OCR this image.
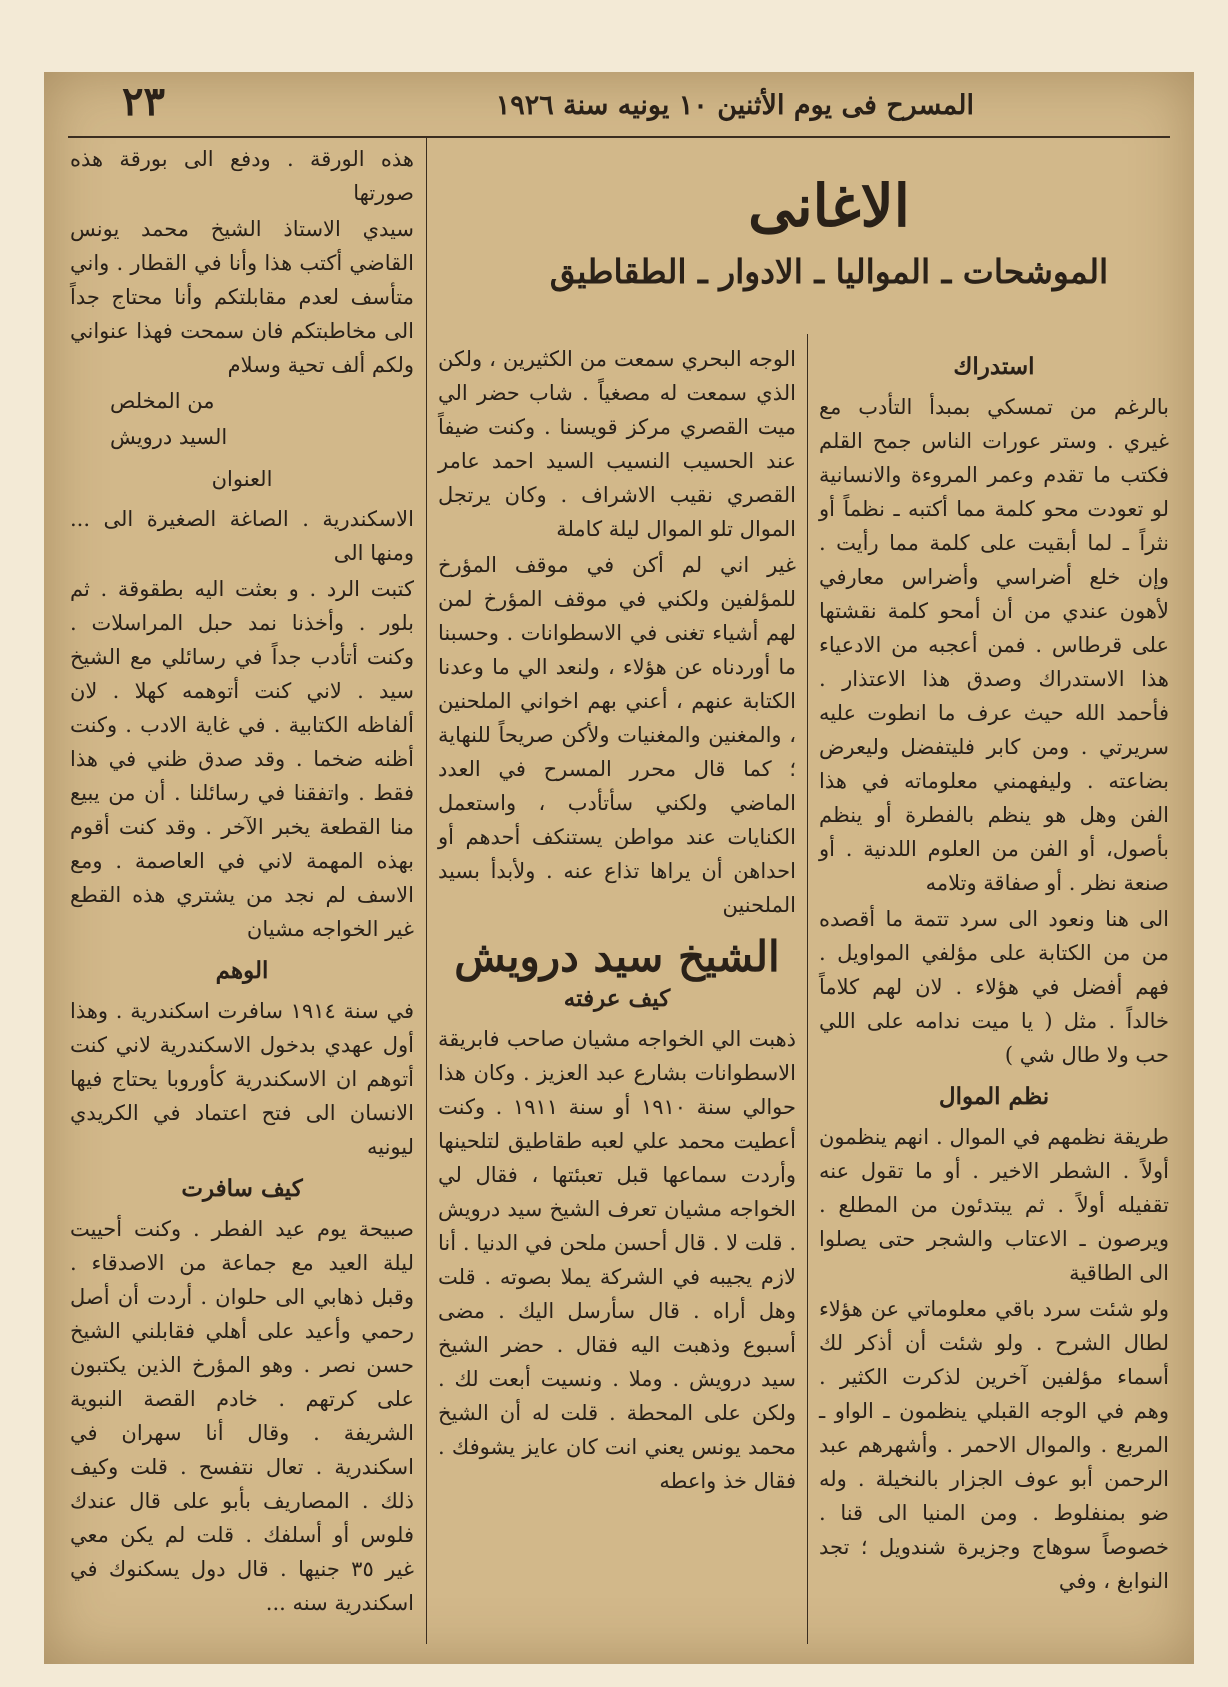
المسرح فى يوم الأثنين ١٠ يونيه سنة ١٩٢٦
٢٣
الاغانى
الموشحات ـ المواليا ـ الادوار ـ الطقاطيق
استدراك

بالرغم من تمسكي بمبدأ التأدب مع غيري . وستر عورات الناس جمح القلم فكتب ما تقدم وعمر المروءة والانسانية لو تعودت محو كلمة مما أكتبه ـ نظماً أو نثراً ـ لما أبقيت على كلمة مما رأيت . وإن خلع أضراسي وأضراس معارفي لأهون عندي من أن أمحو كلمة نقشتها على قرطاس . فمن أعجبه من الادعياء هذا الاستدراك وصدق هذا الاعتذار . فأحمد الله حيث عرف ما انطوت عليه سريرتي . ومن كابر فليتفضل وليعرض بضاعته . وليفهمني معلوماته في هذا الفن وهل هو ينظم بالفطرة أو ينظم بأصول، أو الفن من العلوم اللدنية . أو صنعة نظر . أو صفاقة وتلامه

الى هنا ونعود الى سرد تتمة ما أقصده من من الكتابة على مؤلفي المواويل . فهم أفضل في هؤلاء . لان لهم كلاماً خالداً . مثل ( يا ميت ندامه على اللي حب ولا طال شي )

نظم الموال

طريقة نظمهم في الموال . انهم ينظمون أولاً . الشطر الاخير . أو ما تقول عنه تقفيله أولاً . ثم يبتدئون من المطلع . ويرصون ـ الاعتاب والشجر حتى يصلوا الى الطاقية

ولو شئت سرد باقي معلوماتي عن هؤلاء لطال الشرح . ولو شئت أن أذكر لك أسماء مؤلفين آخرين لذكرت الكثير . وهم في الوجه القبلي ينظمون ـ الواو ـ المربع . والموال الاحمر . وأشهرهم عبد الرحمن أبو عوف الجزار بالنخيلة . وله ضو بمنفلوط . ومن المنيا الى قنا . خصوصاً سوهاج وجزيرة شندويل ؛ تجد النوابغ ، وفي

الوجه البحري سمعت من الكثيرين ، ولكن الذي سمعت له مصغياً . شاب حضر الي ميت القصري مركز قويسنا . وكنت ضيفاً عند الحسيب النسيب السيد احمد عامر القصري نقيب الاشراف . وكان يرتجل الموال تلو الموال ليلة كاملة

غير اني لم أكن في موقف المؤرخ للمؤلفين ولكني في موقف المؤرخ لمن لهم أشياء تغنى في الاسطوانات . وحسبنا ما أوردناه عن هؤلاء ، ولنعد الي ما وعدنا الكتابة عنهم ، أعني بهم اخواني الملحنين ، والمغنين والمغنيات ولأكن صريحاً للنهاية ؛ كما قال محرر المسرح في العدد الماضي ولكني سأتأدب ، واستعمل الكنايات عند مواطن يستنكف أحدهم أو احداهن أن يراها تذاع عنه . ولأبدأ بسيد الملحنين

الشيخ سيد درويش
كيف عرفته

ذهبت الي الخواجه مشيان صاحب فابريقة الاسطوانات بشارع عبد العزيز . وكان هذا حوالي سنة ١٩١٠ أو سنة ١٩١١ . وكنت أعطيت محمد علي لعبه طقاطيق لتلحينها وأردت سماعها قبل تعبئتها ، فقال لي الخواجه مشيان تعرف الشيخ سيد درويش . قلت لا . قال أحسن ملحن في الدنيا . أنا لازم يجيبه في الشركة يملا بصوته . قلت وهل أراه . قال سأرسل اليك . مضى أسبوع وذهبت اليه فقال . حضر الشيخ سيد درويش . وملا . ونسيت أبعت لك . ولكن على المحطة . قلت له أن الشيخ محمد يونس يعني انت كان عايز يشوفك . فقال خذ واعطه

هذه الورقة . ودفع الى بورقة هذه صورتها

سيدي الاستاذ الشيخ محمد يونس القاضي أكتب هذا وأنا في القطار . واني متأسف لعدم مقابلتكم وأنا محتاج جداً الى مخاطبتكم فان سمحت فهذا عنواني ولكم ألف تحية وسلام

من المخلص

السيد درويش

العنوان

الاسكندرية . الصاغة الصغيرة الى ... ومنها الى

كتبت الرد . و بعثت اليه بطقوقة . ثم بلور . وأخذنا نمد حبل المراسلات . وكنت أتأدب جداً في رسائلي مع الشيخ سيد . لاني كنت أتوهمه كهلا . لان ألفاظه الكتابية . في غاية الادب . وكنت أظنه ضخما . وقد صدق ظني في هذا فقط . واتفقنا في رسائلنا . أن من يبيع منا القطعة يخبر الآخر . وقد كنت أقوم بهذه المهمة لاني في العاصمة . ومع الاسف لم نجد من يشتري هذه القطع غير الخواجه مشيان

الوهم

في سنة ١٩١٤ سافرت اسكندرية . وهذا أول عهدي بدخول الاسكندرية لاني كنت أتوهم ان الاسكندرية كأوروبا يحتاج فيها الانسان الى فتح اعتماد في الكريدي ليونيه

كيف سافرت

صبيحة يوم عيد الفطر . وكنت أحييت ليلة العيد مع جماعة من الاصدقاء . وقبل ذهابي الى حلوان . أردت أن أصل رحمي وأعيد على أهلي فقابلني الشيخ حسن نصر . وهو المؤرخ الذين يكتبون على كرتهم . خادم القصة النبوية الشريفة . وقال أنا سهران في اسكندرية . تعال نتفسح . قلت وكيف ذلك . المصاريف بأبو على قال عندك فلوس أو أسلفك . قلت لم يكن معي غير ٣٥ جنيها . قال دول يسكنوك في اسكندرية سنه ...
